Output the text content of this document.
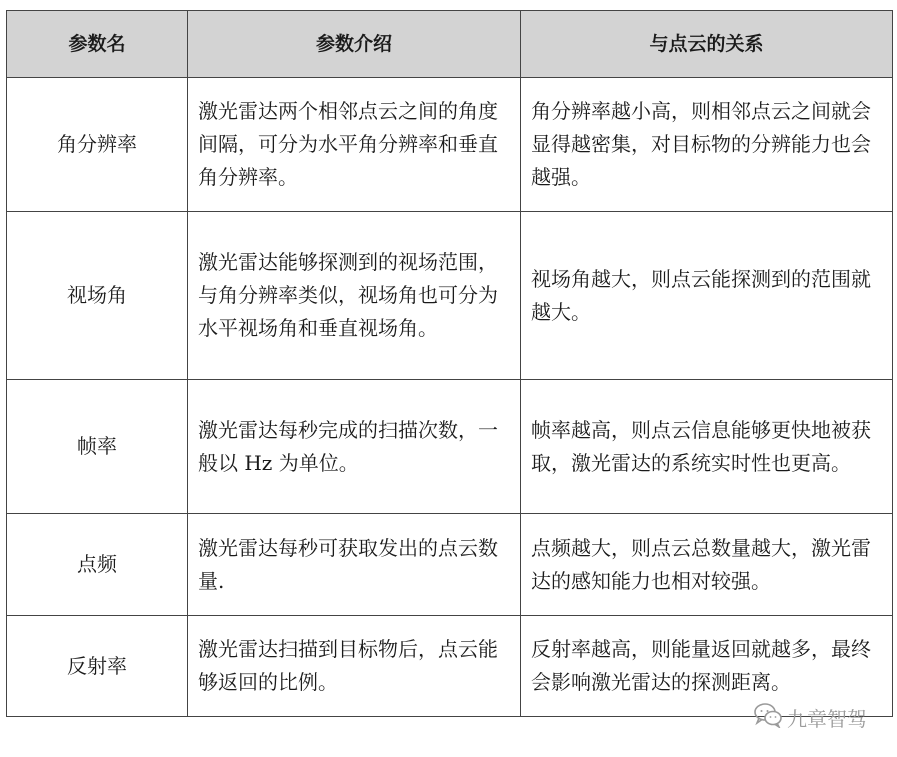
参数名	参数介绍	与点云的关系
角分辨率	激光雷达两个相邻点云之间的角度间隔，可分为水平角分辨率和垂直角分辨率。	角分辨率越小高，则相邻点云之间就会显得越密集，对目标物的分辨能力也会越强。
视场角	激光雷达能够探测到的视场范围，与角分辨率类似，视场角也可分为水平视场角和垂直视场角。	视场角越大，则点云能探测到的范围就越大。
帧率	激光雷达每秒完成的扫描次数，一般以 Hz 为单位。	帧率越高，则点云信息能够更快地被获取，激光雷达的系统实时性也更高。
点频	激光雷达每秒可获取发出的点云数量.	点频越大，则点云总数量越大，激光雷达的感知能力也相对较强。
反射率	激光雷达扫描到目标物后，点云能够返回的比例。	反射率越高，则能量返回就越多，最终会影响激光雷达的探测距离。
九章智驾
